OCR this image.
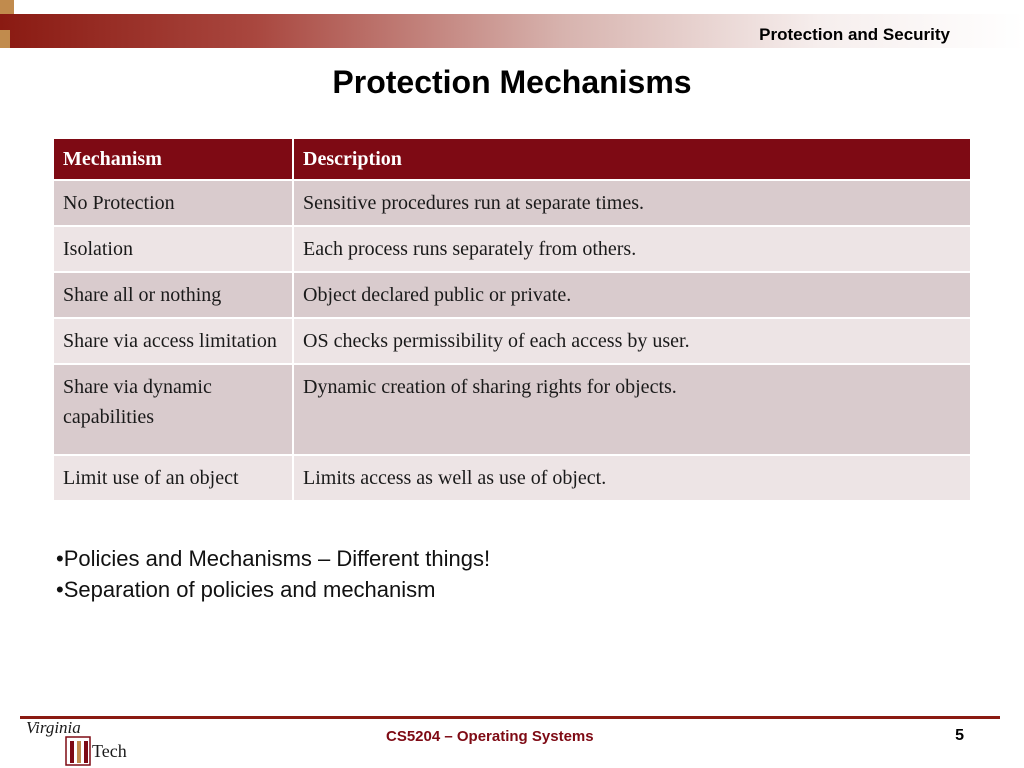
Protection and Security
Protection Mechanisms
Mechanism	Description
No Protection	Sensitive procedures run at separate times.
Isolation	Each process runs separately from others.
Share all or nothing	Object declared public or private.
Share via access limitation	OS checks permissibility of each access by user.
Share via dynamic capabilities	Dynamic creation of sharing rights for objects.
Limit use of an object	Limits access as well as use of object.
•Policies and Mechanisms – Different things!
•Separation of policies and mechanism
Virginia
Tech
CS5204 – Operating Systems	5
